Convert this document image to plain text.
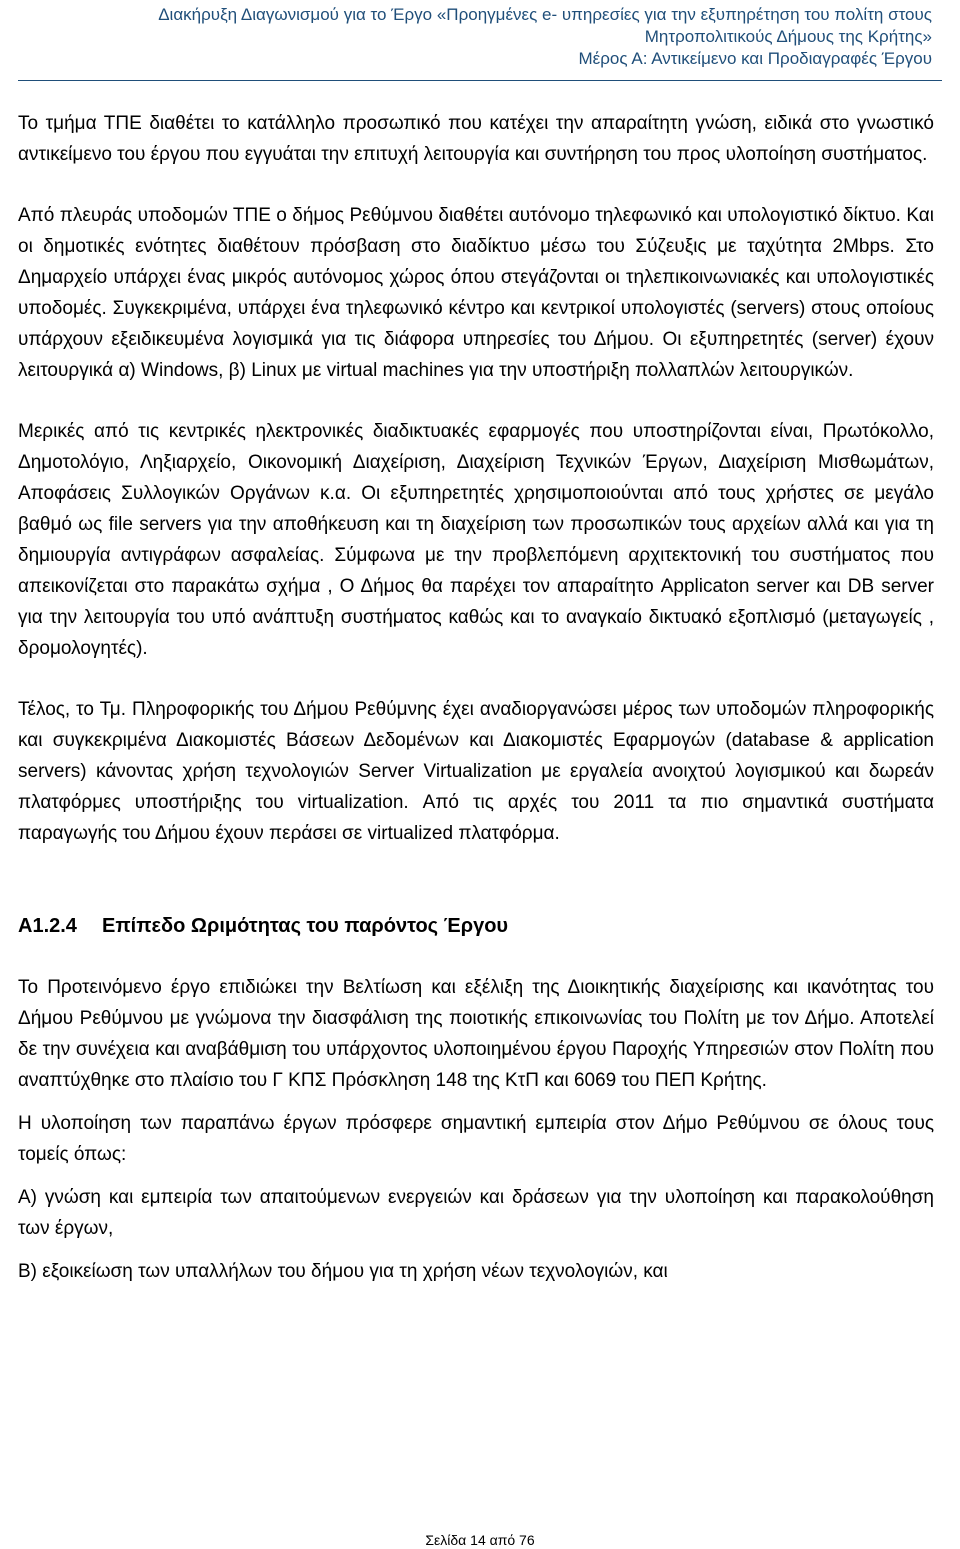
Διακήρυξη Διαγωνισμού για το Έργο «Προηγμένες e- υπηρεσίες για την εξυπηρέτηση του πολίτη στους
Μητροπολιτικούς Δήμους της Κρήτης»
Μέρος Α: Αντικείμενο και Προδιαγραφές Έργου

Το τμήμα ΤΠΕ διαθέτει το κατάλληλο προσωπικό που κατέχει την απαραίτητη γνώση, ειδικά στο γνωστικό αντικείμενο του έργου που εγγυάται την επιτυχή λειτουργία και συντήρηση του προς υλοποίηση συστήματος.

Από πλευράς υποδομών ΤΠΕ ο δήμος Ρεθύμνου διαθέτει αυτόνομο τηλεφωνικό και υπολογιστικό δίκτυο. Και οι δημοτικές ενότητες διαθέτουν πρόσβαση στο διαδίκτυο μέσω του Σύζευξις με ταχύτητα 2Mbps. Στο Δημαρχείο υπάρχει ένας μικρός αυτόνομος χώρος όπου στεγάζονται οι τηλεπικοινωνιακές και υπολογιστικές υποδομές. Συγκεκριμένα, υπάρχει ένα τηλεφωνικό κέντρο και κεντρικοί υπολογιστές (servers) στους οποίους υπάρχουν εξειδικευμένα λογισμικά για τις διάφορα υπηρεσίες του Δήμου. Οι εξυπηρετητές (server) έχουν λειτουργικά α) Windows, β) Linux με virtual machines για την υποστήριξη πολλαπλών λειτουργικών.

Μερικές από τις κεντρικές ηλεκτρονικές διαδικτυακές εφαρμογές που υποστηρίζονται είναι, Πρωτόκολλο, Δημοτολόγιο, Ληξιαρχείο, Οικονομική Διαχείριση, Διαχείριση Τεχνικών Έργων, Διαχείριση Μισθωμάτων, Αποφάσεις Συλλογικών Οργάνων κ.α. Οι εξυπηρετητές χρησιμοποιούνται από τους χρήστες σε μεγάλο βαθμό ως file servers για την αποθήκευση και τη διαχείριση των προσωπικών τους αρχείων αλλά και για τη δημιουργία αντιγράφων ασφαλείας. Σύμφωνα με την προβλεπόμενη αρχιτεκτονική του συστήματος που απεικονίζεται στο παρακάτω σχήμα , Ο Δήμος θα παρέχει τον απαραίτητο Applicaton server και DB server για την λειτουργία του υπό ανάπτυξη συστήματος καθώς και το αναγκαίο δικτυακό εξοπλισμό (μεταγωγείς , δρομολογητές).

Τέλος, το Τμ. Πληροφορικής του Δήμου Ρεθύμνης έχει αναδιοργανώσει μέρος των υποδομών πληροφορικής και συγκεκριμένα Διακομιστές Βάσεων Δεδομένων και Διακομιστές Εφαρμογών (database & application servers) κάνοντας χρήση τεχνολογιών Server Virtualization με εργαλεία ανοιχτού λογισμικού και δωρεάν πλατφόρμες υποστήριξης του virtualization. Από τις αρχές του 2011 τα πιο σημαντικά συστήματα παραγωγής του Δήμου έχουν περάσει σε virtualized πλατφόρμα.

Α1.2.4 Επίπεδο Ωριμότητας του παρόντος Έργου

Το Προτεινόμενο έργο επιδιώκει την Βελτίωση και εξέλιξη της Διοικητικής διαχείρισης και ικανότητας του Δήμου Ρεθύμνου με γνώμονα την διασφάλιση της ποιοτικής επικοινωνίας του Πολίτη με τον Δήμο. Αποτελεί δε την συνέχεια και αναβάθμιση του υπάρχοντος υλοποιημένου έργου Παροχής Υπηρεσιών στον Πολίτη που αναπτύχθηκε στο πλαίσιο του Γ ΚΠΣ Πρόσκληση 148 της ΚτΠ και 6069 του ΠΕΠ Κρήτης.

Η υλοποίηση των παραπάνω έργων πρόσφερε σημαντική εμπειρία στον Δήμο Ρεθύμνου σε όλους τους τομείς όπως:

Α) γνώση και εμπειρία των απαιτούμενων ενεργειών και δράσεων για την υλοποίηση και παρακολούθηση των έργων,

Β) εξοικείωση των υπαλλήλων του δήμου για τη χρήση νέων τεχνολογιών, και

Σελίδα 14 από 76
